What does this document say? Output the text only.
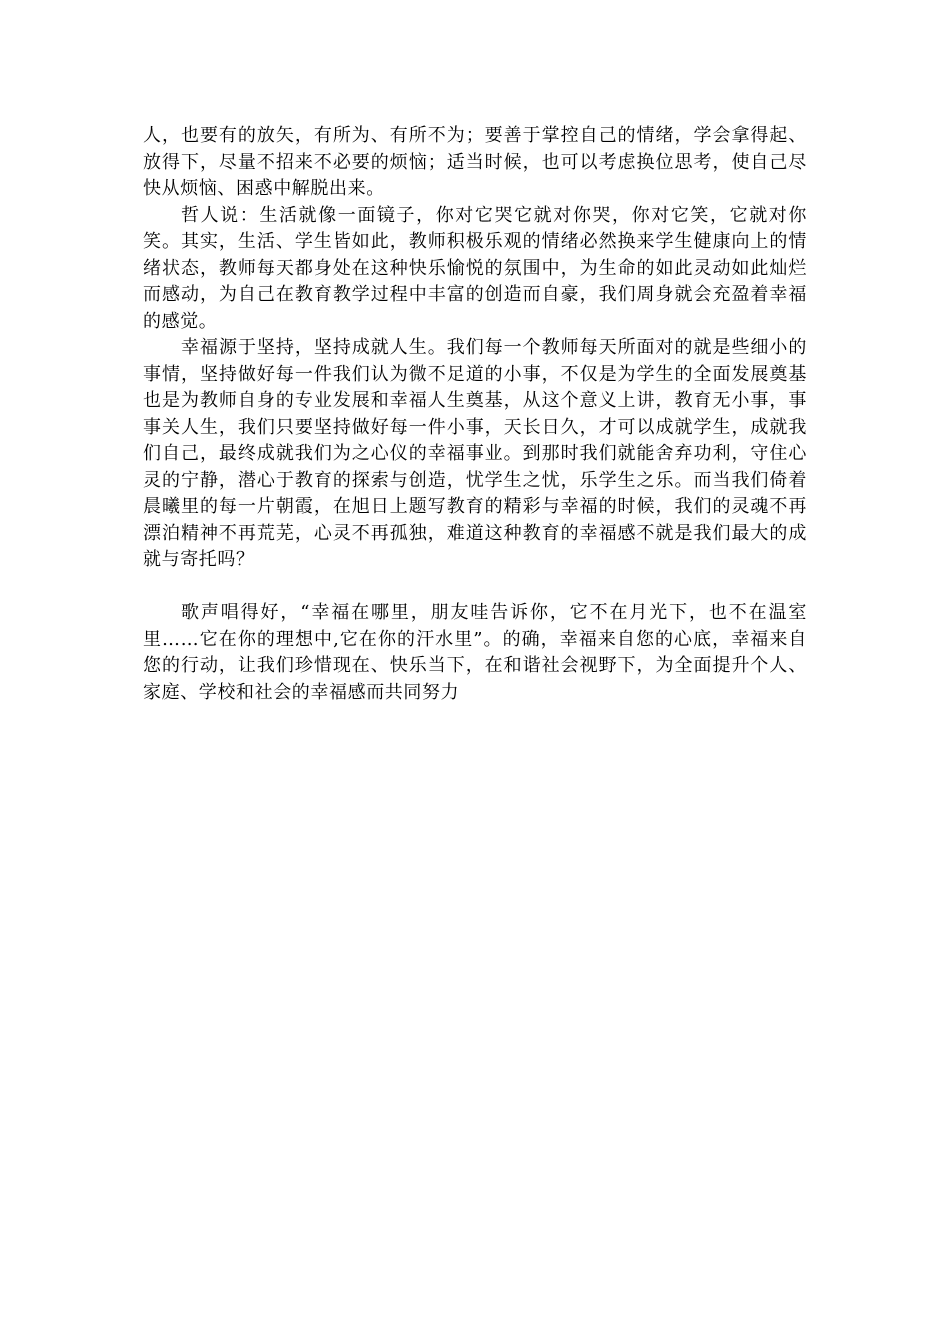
人，也要有的放矢，有所为、有所不为；要善于掌控自己的情绪，学会拿得起、放得下，尽量不招来不必要的烦恼；适当时候，也可以考虑换位思考，使自己尽快从烦恼、困惑中解脱出来。

哲人说：生活就像一面镜子，你对它哭它就对你哭，你对它笑，它就对你笑。其实，生活、学生皆如此，教师积极乐观的情绪必然换来学生健康向上的情绪状态，教师每天都身处在这种快乐愉悦的氛围中，为生命的如此灵动如此灿烂而感动，为自己在教育教学过程中丰富的创造而自豪，我们周身就会充盈着幸福的感觉。

幸福源于坚持，坚持成就人生。我们每一个教师每天所面对的就是些细小的事情，坚持做好每一件我们认为微不足道的小事，不仅是为学生的全面发展奠基也是为教师自身的专业发展和幸福人生奠基，从这个意义上讲，教育无小事，事事关人生，我们只要坚持做好每一件小事，天长日久，才可以成就学生，成就我们自己，最终成就我们为之心仪的幸福事业。到那时我们就能舍弃功利，守住心灵的宁静，潜心于教育的探索与创造，忧学生之忧，乐学生之乐。而当我们倚着晨曦里的每一片朝霞，在旭日上题写教育的精彩与幸福的时候，我们的灵魂不再漂泊精神不再荒芜，心灵不再孤独，难道这种教育的幸福感不就是我们最大的成就与寄托吗？

歌声唱得好，“幸福在哪里，朋友哇告诉你，它不在月光下，也不在温室里……它在你的理想中,它在你的汗水里”。的确，幸福来自您的心底，幸福来自您的行动，让我们珍惜现在、快乐当下，在和谐社会视野下，为全面提升个人、家庭、学校和社会的幸福感而共同努力
